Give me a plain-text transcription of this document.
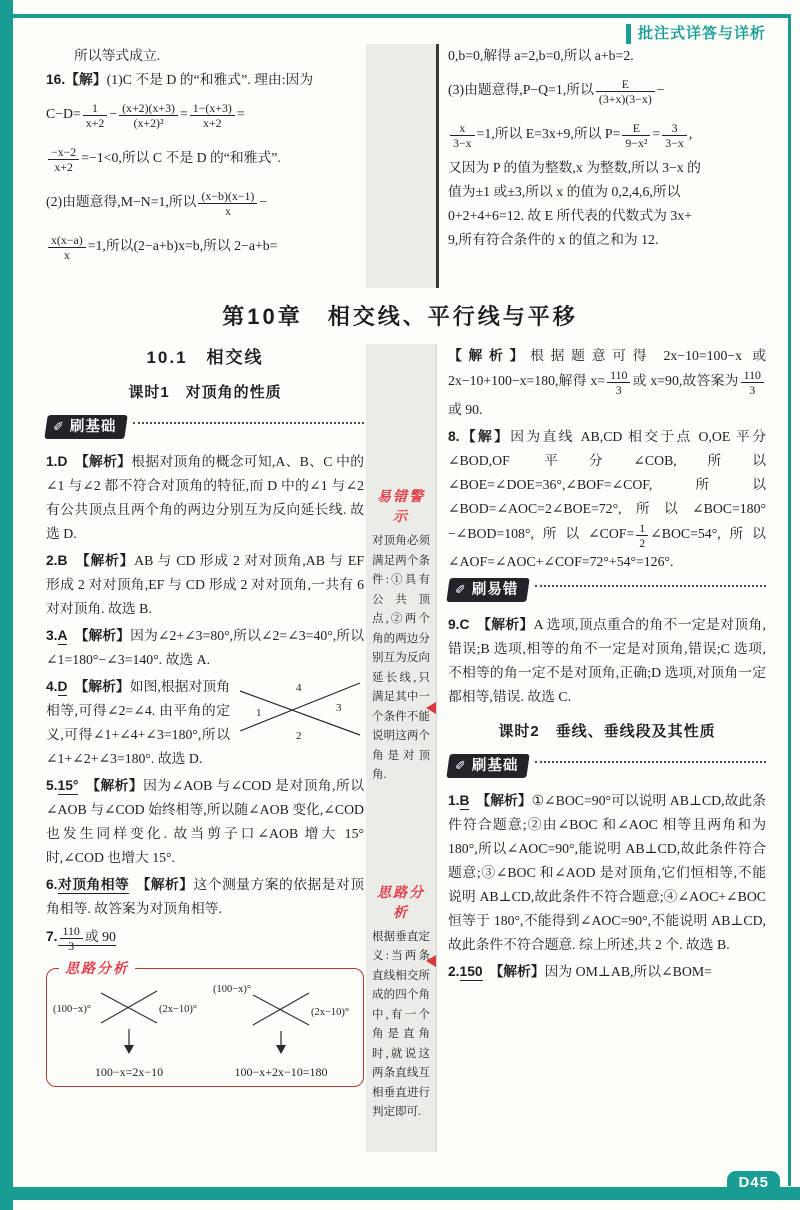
批注式详答与详析
D45
易错警示
对顶角必须满足两个条件:①具有公共顶点,②两个角的两边分别互为反向延长线,只满足其中一个条件不能说明这两个角是对顶角.
思路分析
根据垂直定义:当两条直线相交所成的四个角中,有一个角是直角时,就说这两条直线互相垂直进行判定即可.
所以等式成立.
16.【解】(1)C 不是 D 的“和雅式”. 理由:因为
$C-D= \frac{1}{x+2} - \frac{(x+2)(x+3)}{\text{(x+2)²}} = \frac{1-(x+3)}{x+2}$ =
$\frac{-x-2}{x+2} =-1<0$,所以 C 不是 D 的“和雅式”.
(2)由题意得,M−N=1,所以 $\frac{(x-b)(x-1)}{x}$ −
$\frac{x(x-a)}{x} =1$,所以(2−a+b)x=b,所以 2−a+b=
0,b=0,解得 a=2,b=0,所以 a+b=2.
(3)由题意得,P−Q=1,所以 $\frac{E}{(3+x)(3-x)}$ −
$\frac{x}{3-x} =1$,所以 E=3x+9,所以 $P= \frac{E}{\text{9−x²}} = \frac{3}{3-x}$ ,
又因为 P 的值为整数,x 为整数,所以 3−x 的
值为±1 或±3,所以 x 的值为 0,2,4,6,所以
0+2+4+6=12. 故 E 所代表的代数式为 3x+
9,所有符合条件的 x 的值之和为 12.
第10章　相交线、平行线与平移
10.1　相交线
课时1　对顶角的性质
✐ 刷基础

1.D　 【解析】根据对顶角的概念可知,A、B、C 中的∠1 与∠2 都不符合对顶角的特征,而 D 中的∠1 与∠2 有公共顶点且两个角的两边分别互为反向延长线. 故选 D.

2.B　 【解析】AB 与 CD 形成 2 对对顶角,AB 与 EF 形成 2 对对顶角,EF 与 CD 形成 2 对对顶角,一共有 6 对对顶角. 故选 B.

3.A　 【解析】因为∠2+∠3=80°,所以∠2=∠3=40°,所以∠1=180°−∠3=140°. 故选 A.

4
1	3
2
4.D　 【解析】如图,根据对顶角相等,可得∠2=∠4. 由平角的定义,可得∠1+∠4+∠3=180°,所以∠1+∠2+∠3=180°. 故选 D.

5.15°　 【解析】因为∠AOB 与∠COD 是对顶角,所以∠AOB 与∠COD 始终相等,所以随∠AOB 变化,∠COD 也发生同样变化. 故当剪子口∠AOB 增大 15°时,∠COD 也增大 15°.

6.对顶角相等　 【解析】这个测量方案的依据是对顶角相等. 故答案为对顶角相等.

7. $\frac{110}{3}$ 或 90

思路分析
(100−x)°	(2x−10)°
100−x=2x−10
(100−x)°
(2x−10)°
100−x+2x−10=180

【解析】根据题意可得 2x−10=100−x 或 2x−10+100−x=180,解得 $x= \frac{110}{3}$ 或 x=90,故答案为 $\frac{110}{3}$
或 90.

8.【解】因为直线 AB,CD 相交于点 O,OE 平分∠BOD,OF 平分∠COB,所以∠BOE=∠DOE=36°,∠BOF=∠COF,所以∠BOD=∠AOC=2∠BOE=72°,所以∠BOC=180°−∠BOD=108°,所以∠COF= $\frac{1}{2}$ ∠BOC=54°,所以∠AOF=∠AOC+∠COF=72°+54°=126°.

✐ 刷易错

9.C　 【解析】A 选项,顶点重合的角不一定是对顶角,错误;B 选项,相等的角不一定是对顶角,错误;C 选项,不相等的角一定不是对顶角,正确;D 选项,对顶角一定都相等,错误. 故选 C.

课时2　垂线、垂线段及其性质
✐ 刷基础

1.B　 【解析】①∠BOC=90°可以说明 AB⊥CD,故此条件符合题意;②由∠BOC 和∠AOC 相等且两角和为 180°,所以∠AOC=90°,能说明 AB⊥CD,故此条件符合题意;③∠BOC 和∠AOD 是对顶角,它们恒相等,不能说明 AB⊥CD,故此条件不符合题意;④∠AOC+∠BOC 恒等于 180°,不能得到∠AOC=90°,不能说明 AB⊥CD,故此条件不符合题意. 综上所述,共 2 个. 故选 B.

2.150　 【解析】因为 OM⊥AB,所以∠BOM=
